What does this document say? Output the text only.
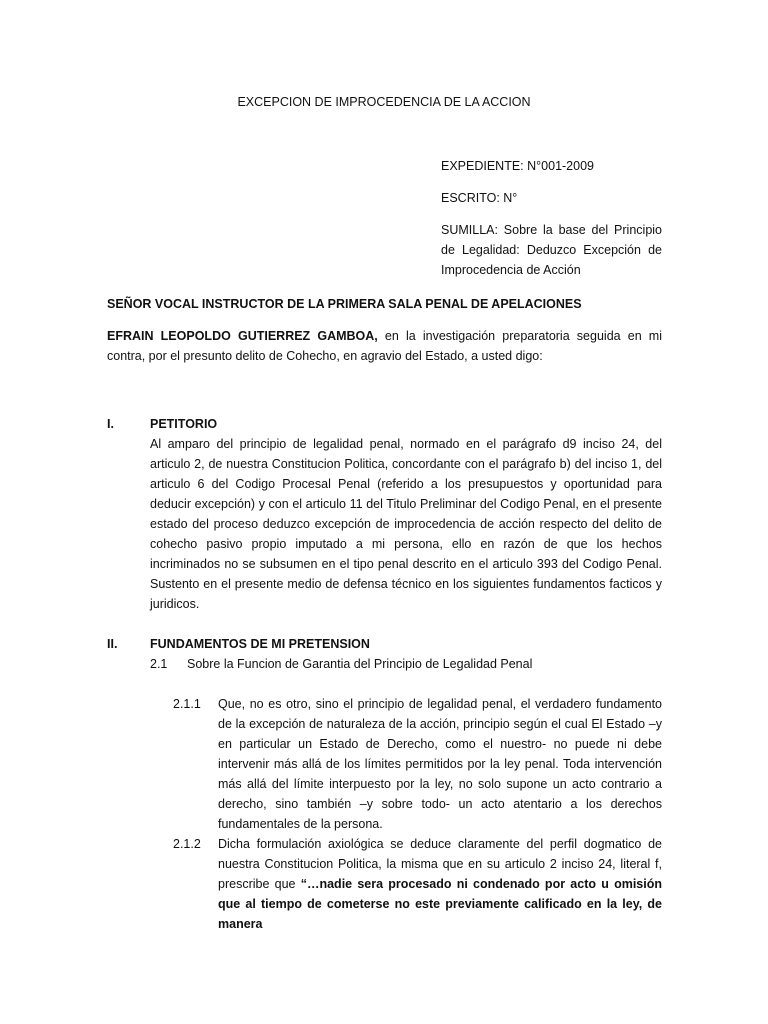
EXCEPCION DE IMPROCEDENCIA DE LA ACCION
EXPEDIENTE: N°001-2009
ESCRITO: N°
SUMILLA: Sobre la base del Principio de Legalidad: Deduzco Excepción de Improcedencia de Acción
SEÑOR VOCAL INSTRUCTOR DE LA PRIMERA SALA PENAL DE APELACIONES
EFRAIN LEOPOLDO GUTIERREZ GAMBOA, en la investigación preparatoria seguida en mi contra, por el presunto delito de Cohecho, en agravio del Estado, a usted digo:
I.	PETITORIO
Al amparo del principio de legalidad penal, normado en el parágrafo d9 inciso 24, del articulo 2, de nuestra Constitucion Politica, concordante con el parágrafo b) del inciso 1, del articulo 6 del Codigo Procesal Penal (referido a los presupuestos y oportunidad para deducir excepción) y con el articulo 11 del Titulo Preliminar del Codigo Penal, en el presente estado del proceso deduzco excepción de improcedencia de acción respecto del delito de cohecho pasivo propio imputado a mi persona, ello en razón de que los hechos incriminados no se subsumen en el tipo penal descrito en el articulo 393 del Codigo Penal. Sustento en el presente medio de defensa técnico en los siguientes fundamentos facticos y juridicos.
II.	FUNDAMENTOS DE MI PRETENSION
2.1 Sobre la Funcion de Garantia del Principio de Legalidad Penal
2.1.1 Que, no es otro, sino el principio de legalidad penal, el verdadero fundamento de la excepción de naturaleza de la acción, principio según el cual El Estado –y en particular un Estado de Derecho, como el nuestro- no puede ni debe intervenir más allá de los límites permitidos por la ley penal. Toda intervención más allá del límite interpuesto por la ley, no solo supone un acto contrario a derecho, sino también –y sobre todo- un acto atentario a los derechos fundamentales de la persona.
2.1.2 Dicha formulación axiológica se deduce claramente del perfil dogmatico de nuestra Constitucion Politica, la misma que en su articulo 2 inciso 24, literal f, prescribe que “…nadie sera procesado ni condenado por acto u omisión que al tiempo de cometerse no este previamente calificado en la ley, de manera
